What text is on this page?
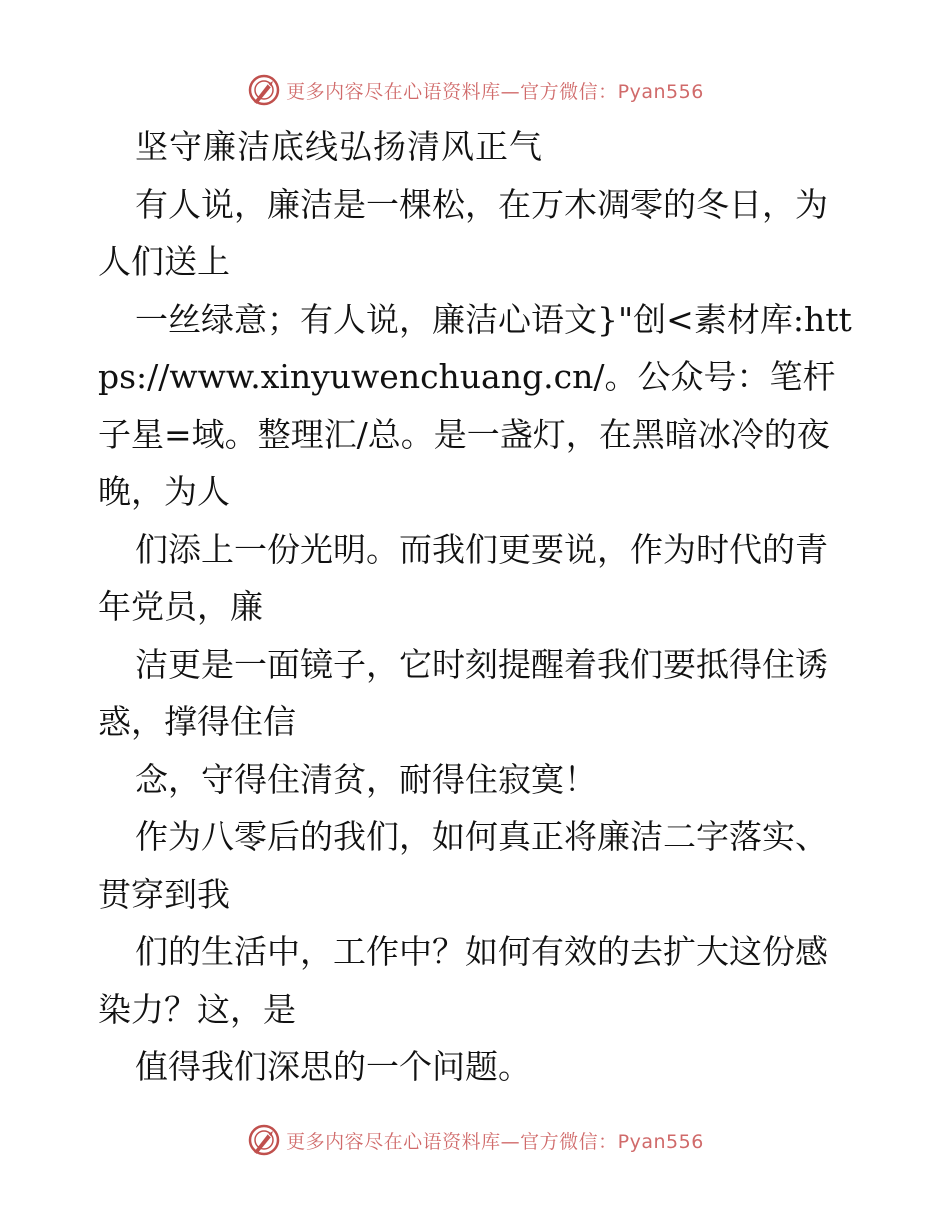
更多内容尽在心语资料库—官方微信：Pyan556

坚守廉洁底线弘扬清风正气

有人说，廉洁是一棵松，在万木凋零的冬日，为人们送上

一丝绿意；有人说，廉洁心语文}"创<素材库:https://www.xinyuwenchuang.cn/。公众号：笔杆子星=域。整理汇/总。是一盏灯，在黑暗冰冷的夜晚，为人

们添上一份光明。而我们更要说，作为时代的青年党员，廉

洁更是一面镜子，它时刻提醒着我们要抵得住诱惑，撑得住信

念，守得住清贫，耐得住寂寞！

作为八零后的我们，如何真正将廉洁二字落实、贯穿到我

们的生活中，工作中？如何有效的去扩大这份感染力？这，是

值得我们深思的一个问题。

更多内容尽在心语资料库—官方微信：Pyan556
